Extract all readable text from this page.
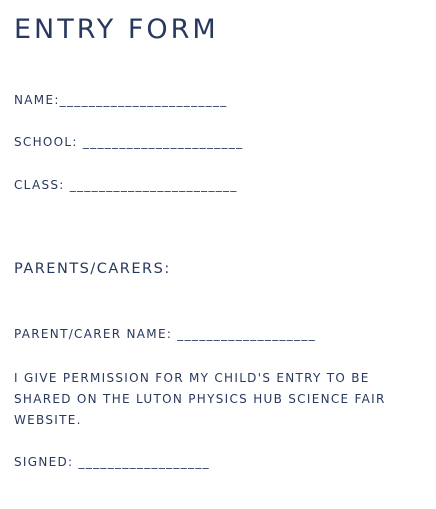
ENTRY FORM

NAME:_______________________

SCHOOL: ______________________

CLASS: _______________________

PARENTS/CARERS:

PARENT/CARER NAME: ___________________

I GIVE PERMISSION FOR MY CHILD'S ENTRY TO BE SHARED ON THE LUTON PHYSICS HUB SCIENCE FAIR WEBSITE.

SIGNED: __________________
